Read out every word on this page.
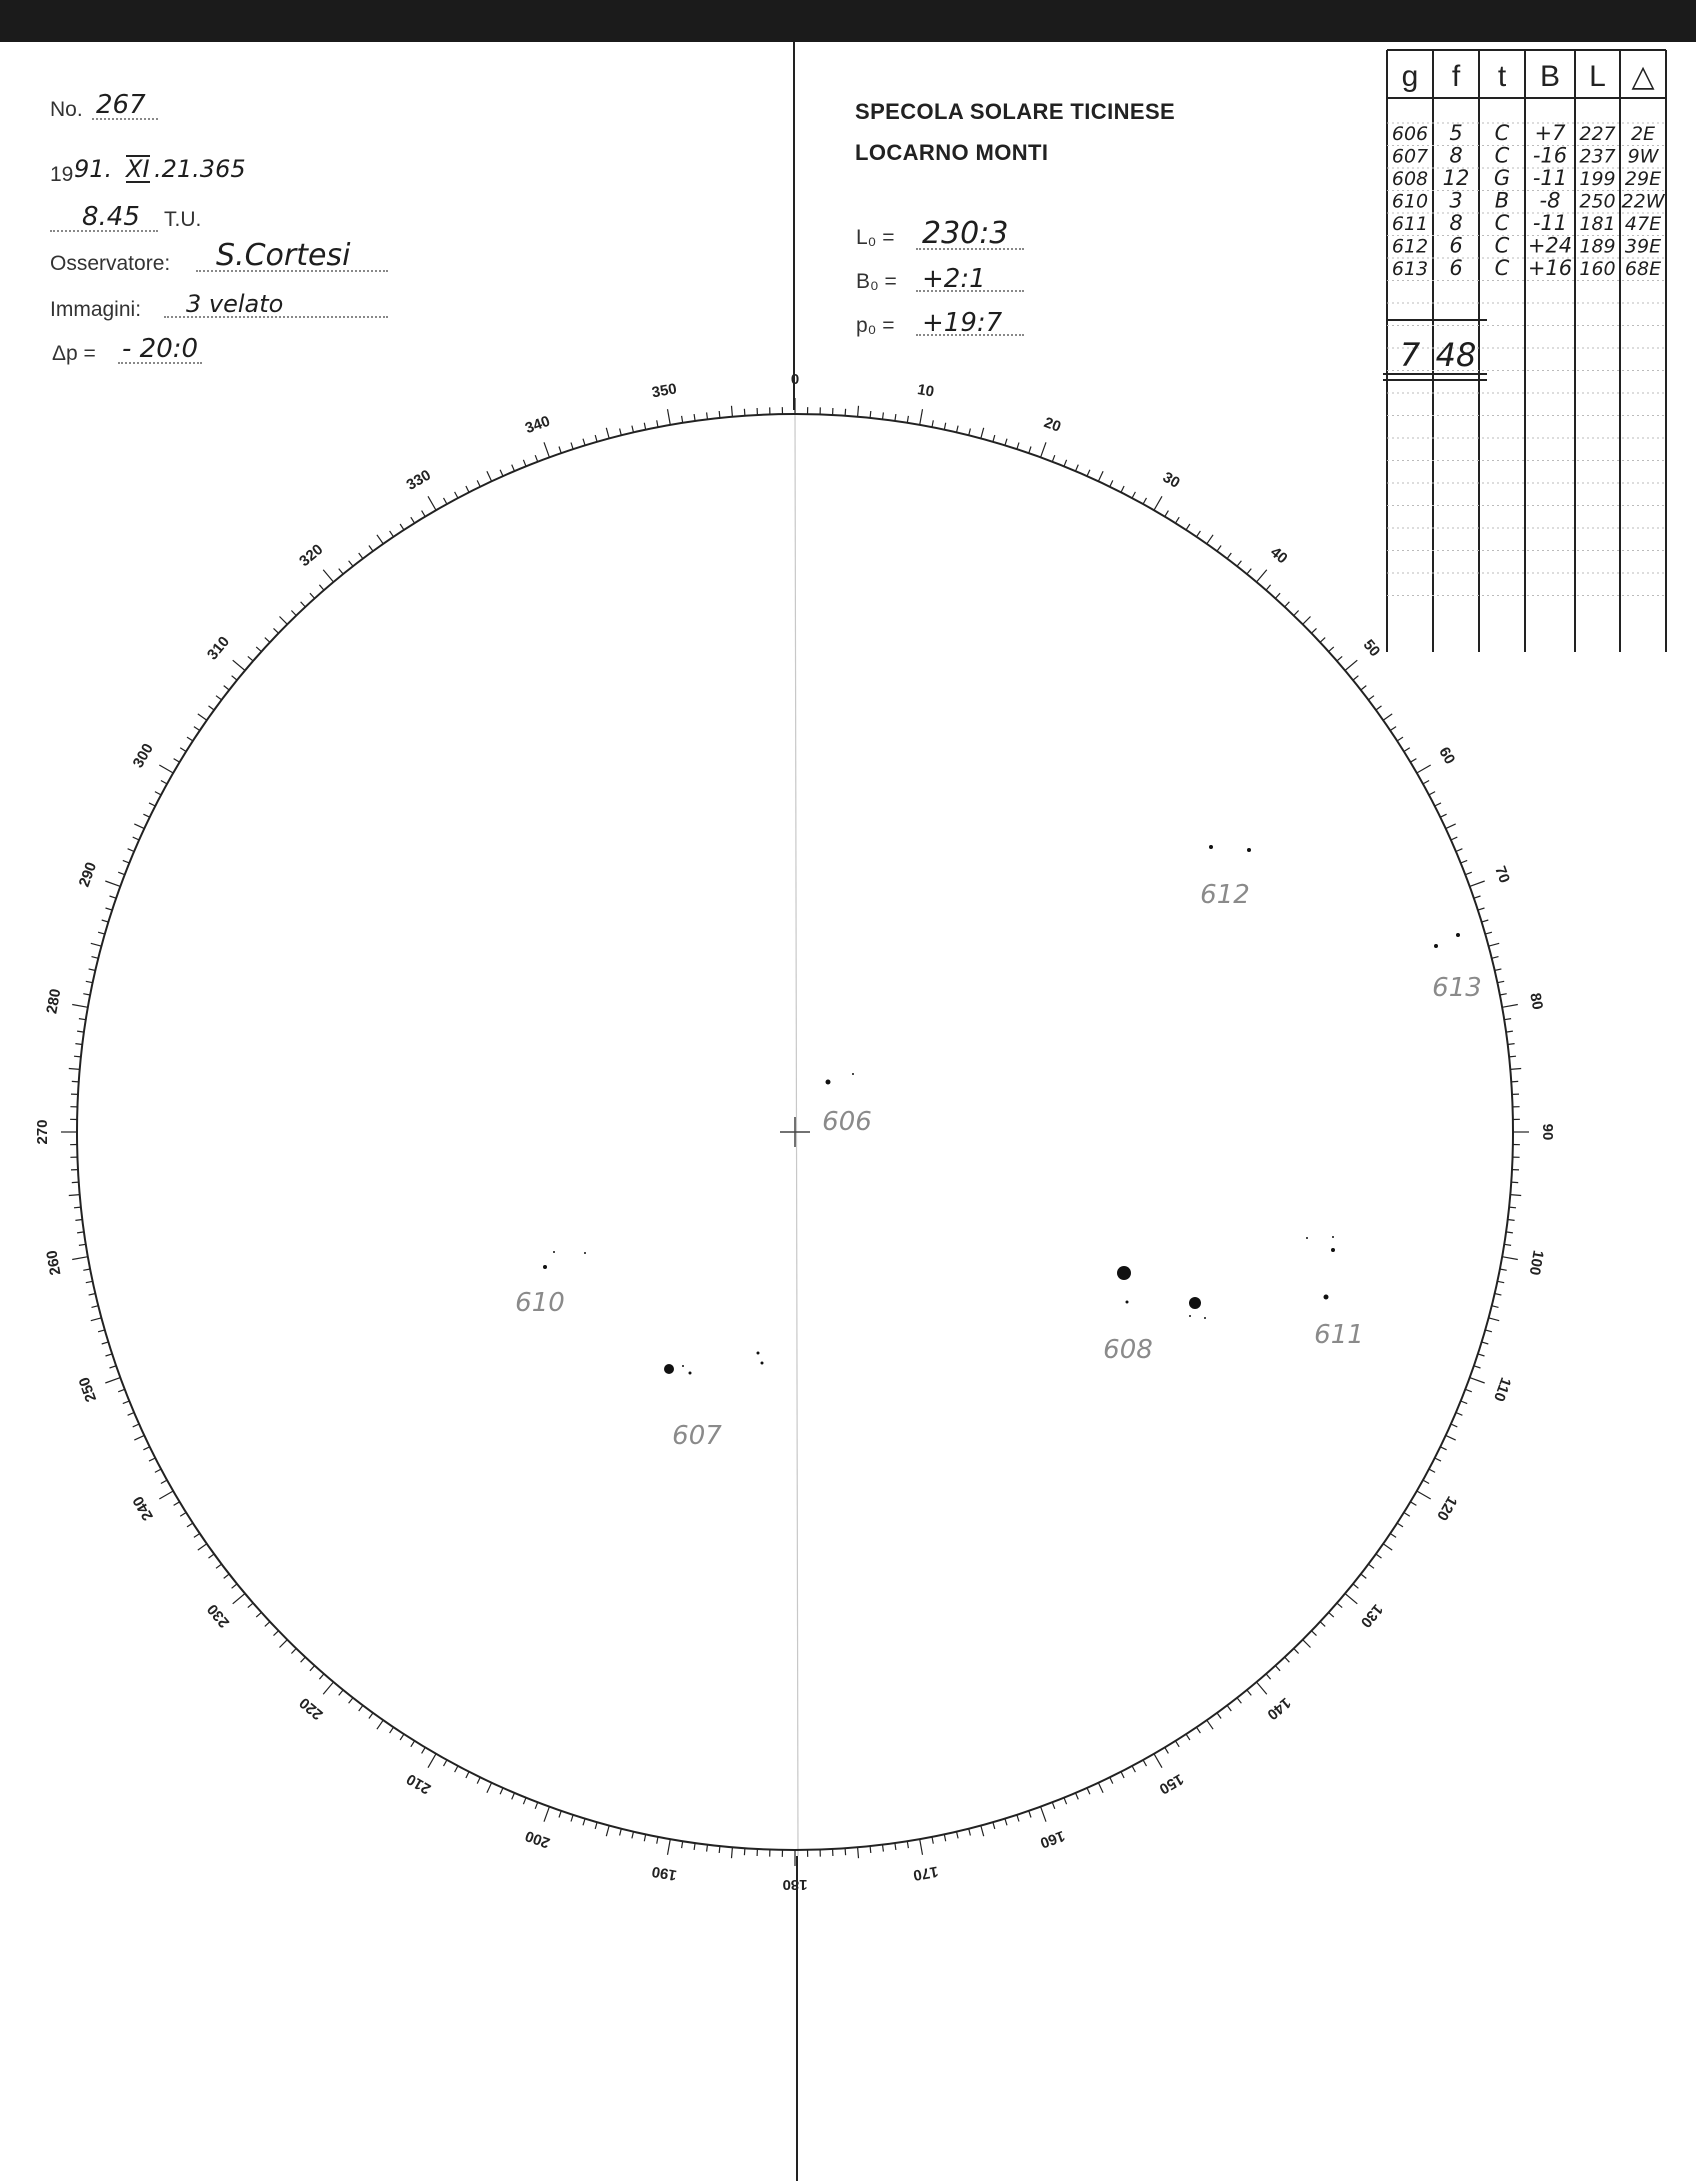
No. 267
19 91. XI .21.365
8.45 T.U.
Osservatore: S.Cortesi
Immagini: 3 velato
Δp = - 20:0
SPECOLA SOLARE TICINESE
LOCARNO MONTI
L₀ = 230:3
B₀ = +2:1
p₀ = +19:7
g f t B L △
606 5 C +7 227 2E
607 8 C -16 237 9W
608 12 G -11 199 29E
610 3 B -8 250 22W
611 8 C -11 181 47E
612 6 C +24 189 39E
613 6 C +16 160 68E
7 48
0
10
20
30
40
50
60
70
80
90
100
110
120
130
140
150
160
170
180
190
200
210
220
230
240
250
260
270
280
290
300
310
320
330
340
350
606
607
608
610
611
612
613
